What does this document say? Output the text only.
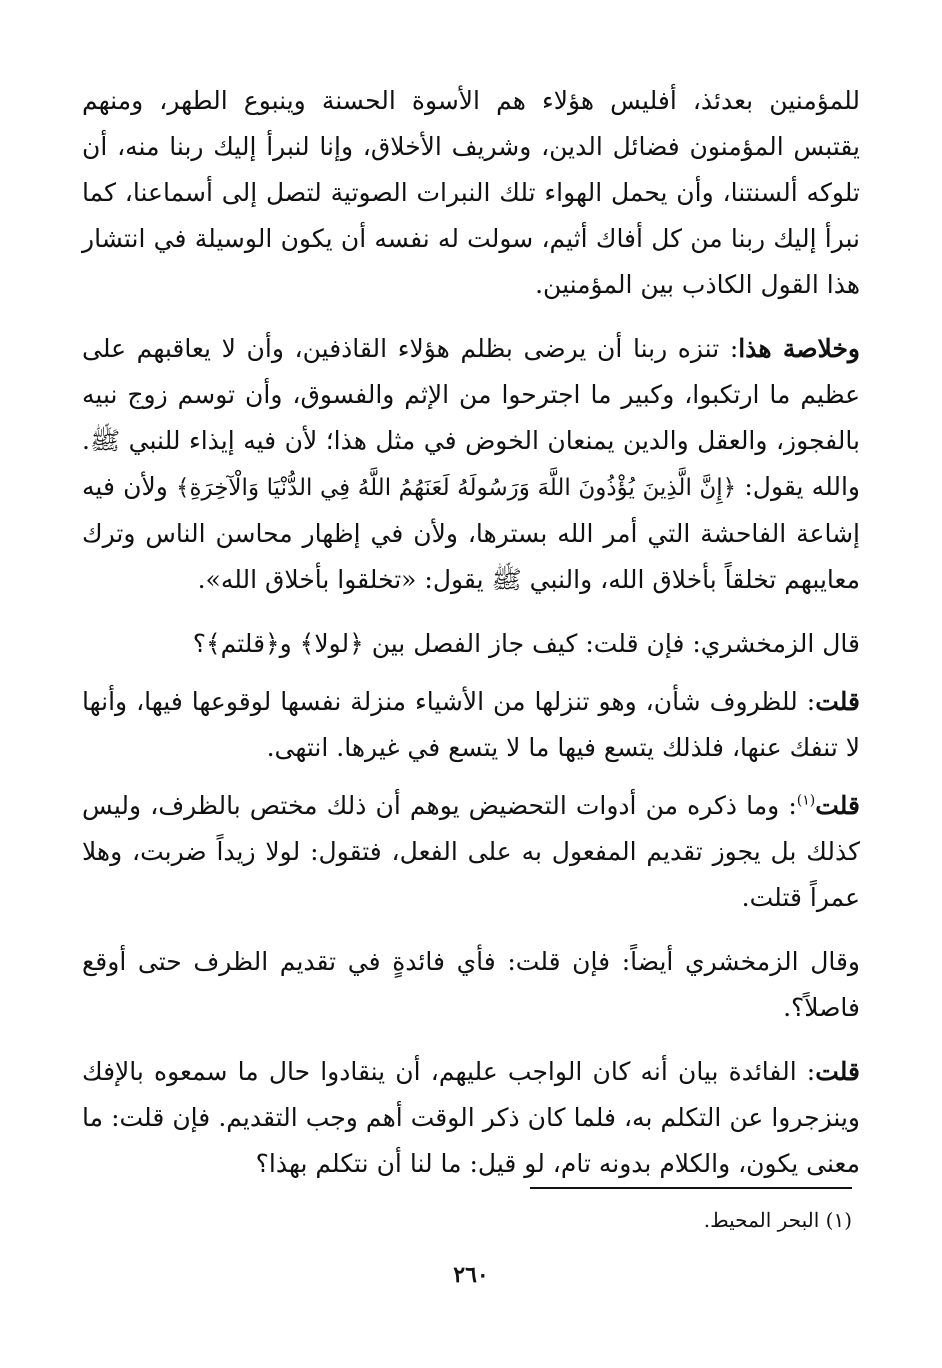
للمؤمنين بعدئذ، أفليس هؤلاء هم الأسوة الحسنة وينبوع الطهر، ومنهم يقتبس المؤمنون فضائل الدين، وشريف الأخلاق، وإنا لنبرأ إليك ربنا منه، أن تلوكه ألسنتنا، وأن يحمل الهواء تلك النبرات الصوتية لتصل إلى أسماعنا، كما نبرأ إليك ربنا من كل أفاك أثيم، سولت له نفسه أن يكون الوسيلة في انتشار هذا القول الكاذب بين المؤمنين.

وخلاصة هذا: تنزه ربنا أن يرضى بظلم هؤلاء القاذفين، وأن لا يعاقبهم على عظيم ما ارتكبوا، وكبير ما اجترحوا من الإثم والفسوق، وأن توسم زوج نبيه بالفجوز، والعقل والدين يمنعان الخوض في مثل هذا؛ لأن فيه إيذاء للنبي ﷺ. والله يقول: ﴿إِنَّ الَّذِينَ يُؤْذُونَ اللَّهَ وَرَسُولَهُ لَعَنَهُمُ اللَّهُ فِي الدُّنْيَا وَالْآخِرَةِ﴾ ولأن فيه إشاعة الفاحشة التي أمر الله بسترها، ولأن في إظهار محاسن الناس وترك معايبهم تخلقاً بأخلاق الله، والنبي ﷺ يقول: «تخلقوا بأخلاق الله».

قال الزمخشري: فإن قلت: كيف جاز الفصل بين ﴿لولا﴾ و﴿قلتم﴾؟

قلت: للظروف شأن، وهو تنزلها من الأشياء منزلة نفسها لوقوعها فيها، وأنها لا تنفك عنها، فلذلك يتسع فيها ما لا يتسع في غيرها. انتهى.

قلت$^{(١)}$: وما ذكره من أدوات التحضيض يوهم أن ذلك مختص بالظرف، وليس كذلك بل يجوز تقديم المفعول به على الفعل، فتقول: لولا زيداً ضربت، وهلا عمراً قتلت.

وقال الزمخشري أيضاً: فإن قلت: فأي فائدةٍ في تقديم الظرف حتى أوقع فاصلاً؟.

قلت: الفائدة بيان أنه كان الواجب عليهم، أن ينقادوا حال ما سمعوه بالإفك وينزجروا عن التكلم به، فلما كان ذكر الوقت أهم وجب التقديم. فإن قلت: ما معنى يكون، والكلام بدونه تام، لو قيل: ما لنا أن نتكلم بهذا؟

(١) البحر المحيط.
٢٦٠
